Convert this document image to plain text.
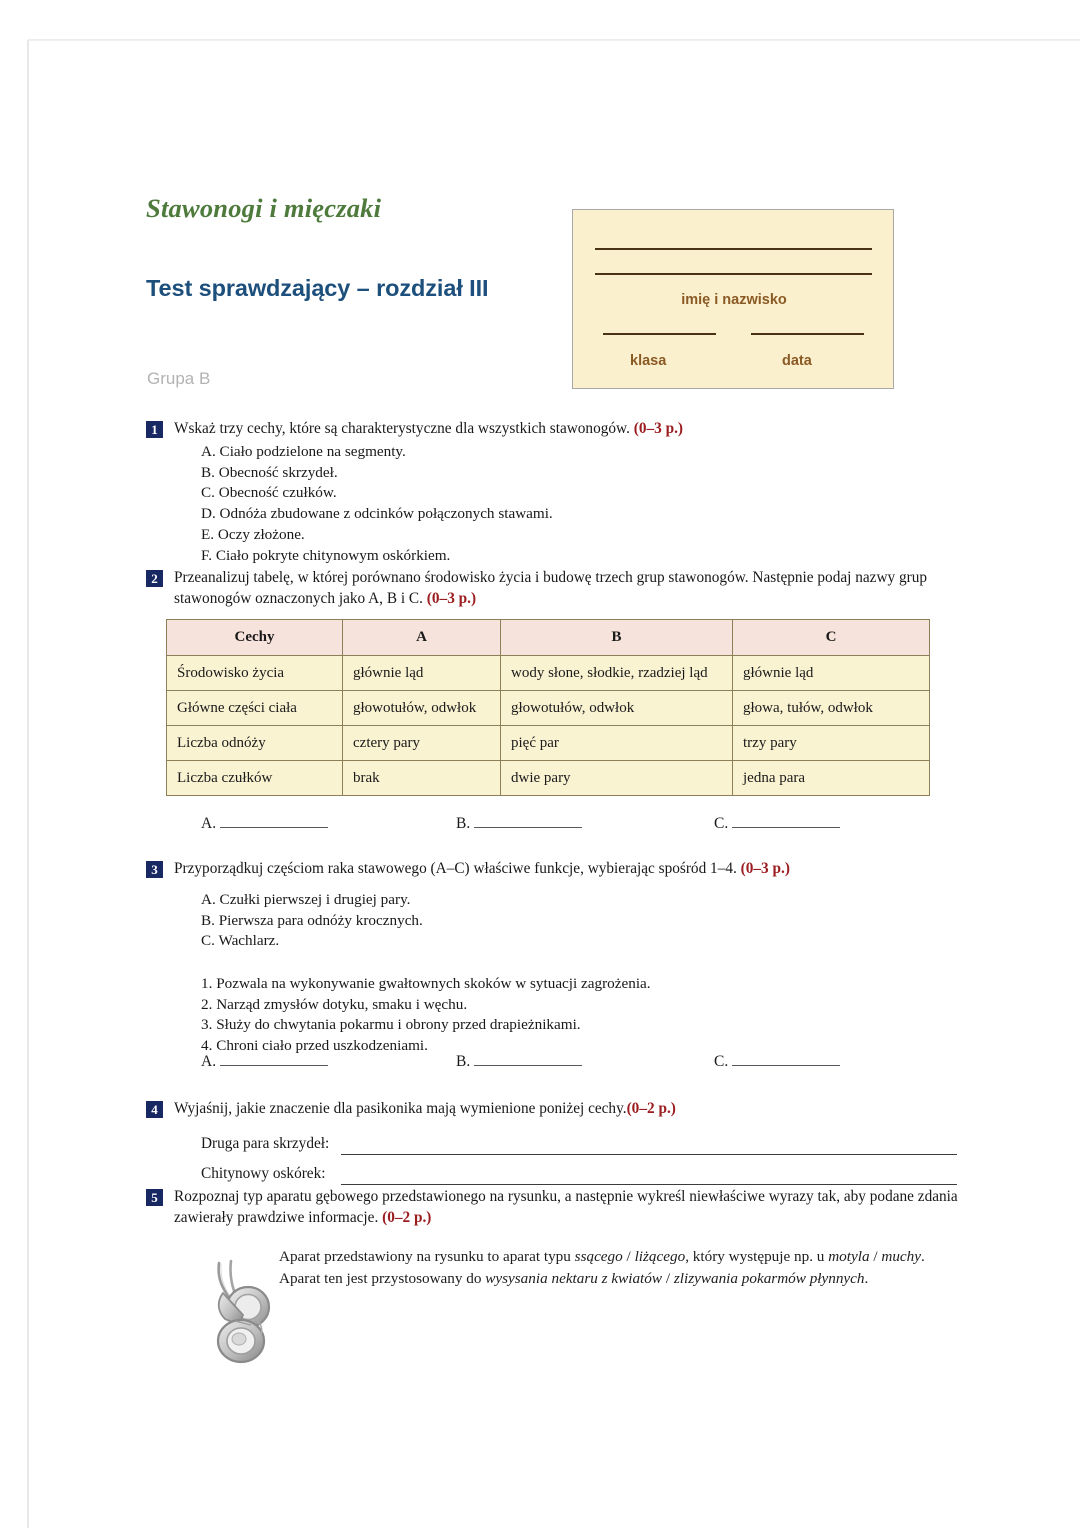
Stawonogi i mięczaki
Test sprawdzający – rozdział III
Grupa B
imię i nazwisko
klasa	data
1	Wskaż trzy cechy, które są charakterystyczne dla wszystkich stawonogów. (0–3 p.)
A. Ciało podzielone na segmenty.
B. Obecność skrzydeł.
C. Obecność czułków.
D. Odnóża zbudowane z odcinków połączonych stawami.
E. Oczy złożone.
F. Ciało pokryte chitynowym oskórkiem.
2	Przeanalizuj tabelę, w której porównano środowisko życia i budowę trzech grup stawonogów. Następnie podaj nazwy grup stawonogów oznaczonych jako A, B i C. (0–3 p.)
Cechy	A	B	C
Środowisko życia	głównie ląd	wody słone, słodkie, rzadziej ląd	głównie ląd
Główne części ciała	głowotułów, odwłok	głowotułów, odwłok	głowa, tułów, odwłok
Liczba odnóży	cztery pary	pięć par	trzy pary
Liczba czułków	brak	dwie pary	jedna para
A.	B.	C.
3	Przyporządkuj częściom raka stawowego (A–C) właściwe funkcje, wybierając spośród 1–4. (0–3 p.)
A. Czułki pierwszej i drugiej pary.
B. Pierwsza para odnóży krocznych.
C. Wachlarz.
1. Pozwala na wykonywanie gwałtownych skoków w sytuacji zagrożenia.
2. Narząd zmysłów dotyku, smaku i węchu.
3. Służy do chwytania pokarmu i obrony przed drapieżnikami.
4. Chroni ciało przed uszkodzeniami.
A.	B.	C.
4	Wyjaśnij, jakie znaczenie dla pasikonika mają wymienione poniżej cechy.(0–2 p.)
Druga para skrzydeł:
Chitynowy oskórek:
5	Rozpoznaj typ aparatu gębowego przedstawionego na rysunku, a następnie wykreśl niewłaściwe wyrazy tak, aby podane zdania zawierały prawdziwe informacje. (0–2 p.)
Aparat przedstawiony na rysunku to aparat typu ssącego / liżącego, który występuje np. u motyla / muchy. Aparat ten jest przystosowany do wysysania nektaru z kwiatów / zlizywania pokarmów płynnych.
